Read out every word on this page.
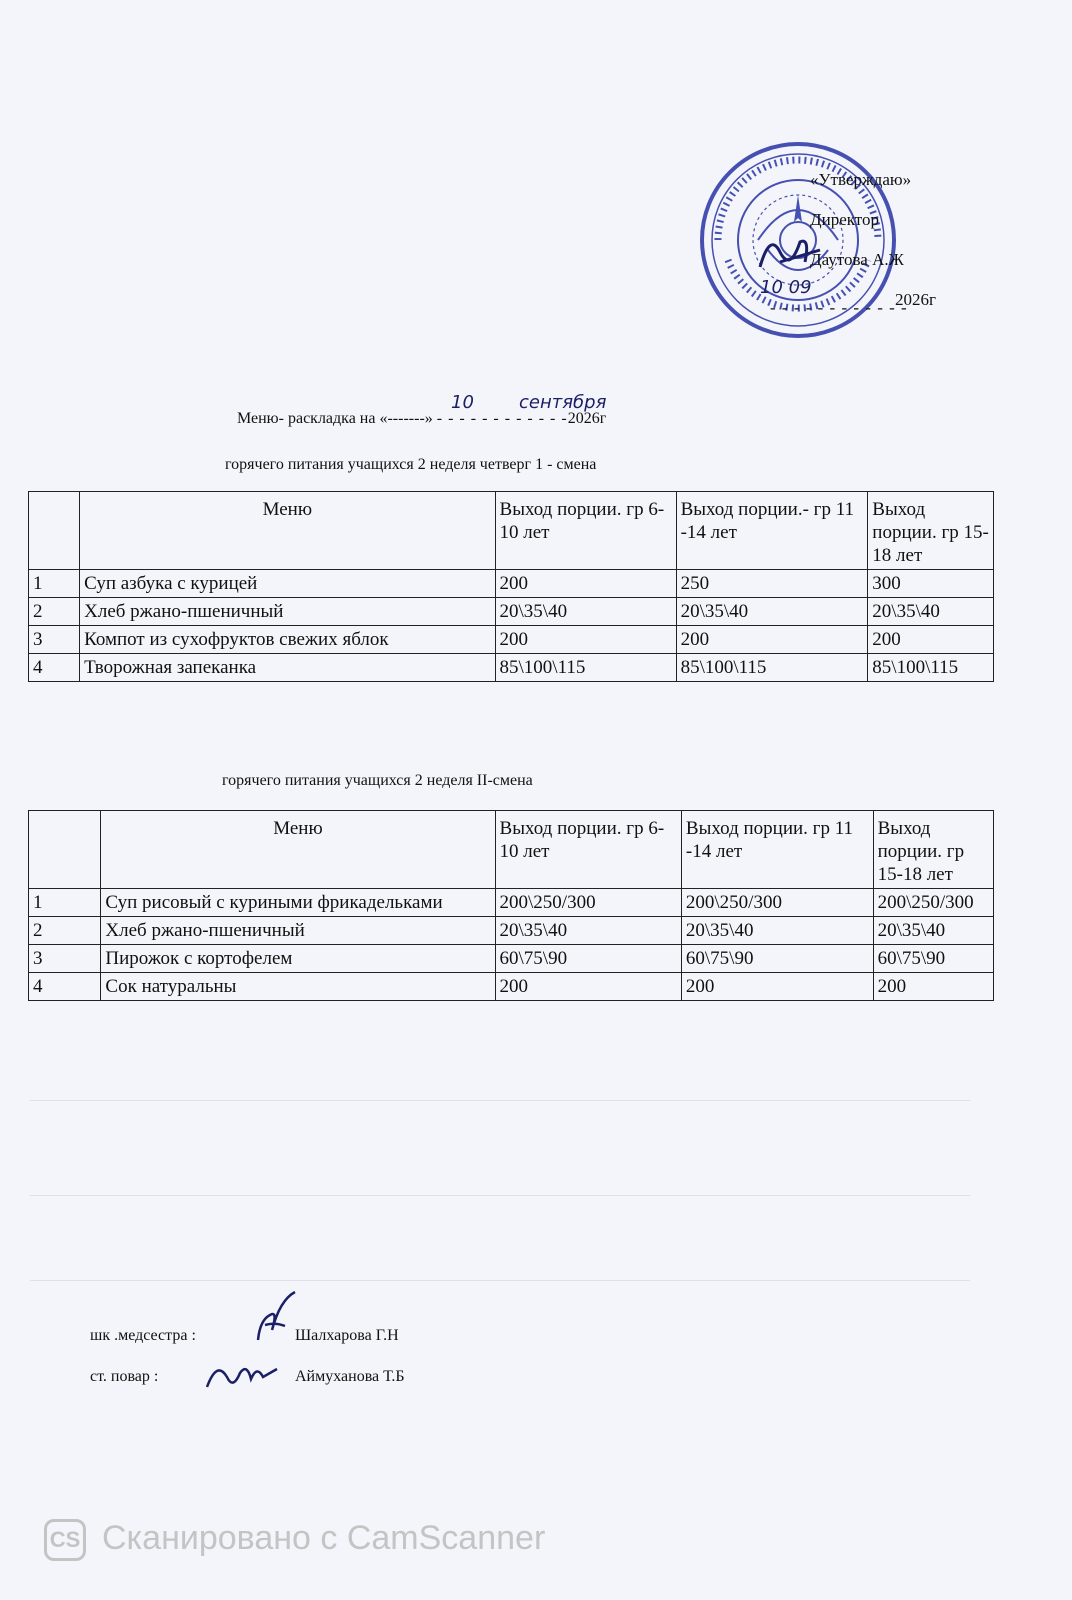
«Утверждаю»
Директор
Даутова А.Ж
10 09
- - - - - - - - - - - -
2026г
Меню- раскладка на «-------» - - - - - - - - - - - -2026г
10	сентября
горячего питания учащихся 2 неделя четверг 1 - смена
	Меню	Выход порции. гр 6-10 лет	Выход порции.- гр 11 -14 лет	Выход порции. гр 15-18 лет
1	Суп азбука с курицей	200	250	300
2	Хлеб ржано-пшеничный	20\35\40	20\35\40	20\35\40
3	Компот из сухофруктов свежих яблок	200	200	200
4	Творожная запеканка	85\100\115	85\100\115	85\100\115
горячего питания учащихся 2 неделя II-смена
	Меню	Выход порции. гр 6-10 лет	Выход порции. гр 11 -14 лет	Выход порции. гр 15-18 лет
1	Суп рисовый с куриными фрикадельками	200\250/300	200\250/300	200\250/300
2	Хлеб ржано-пшеничный	20\35\40	20\35\40	20\35\40
3	Пирожок с кортофелем	60\75\90	60\75\90	60\75\90
4	Сок натуральны	200	200	200
шк .медсестра :	Шалхарова Г.Н
ст. повар :	Аймуханова Т.Б
CS Сканировано с CamScanner
